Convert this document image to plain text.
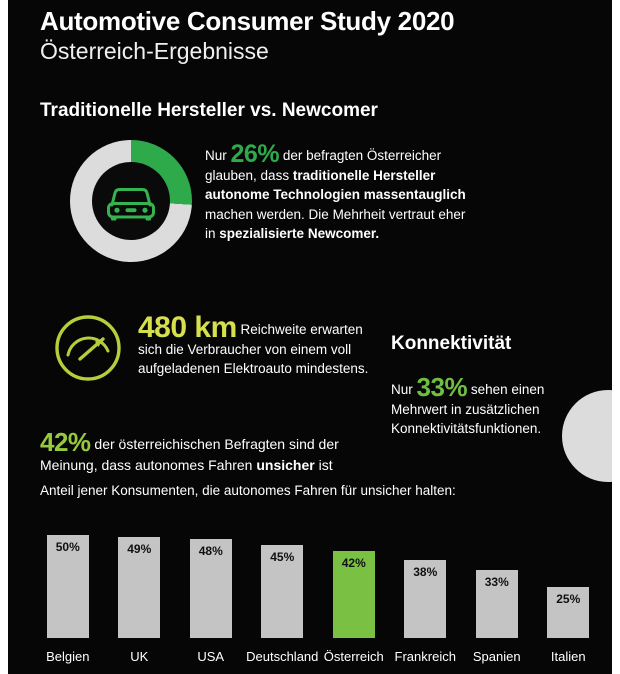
Automotive Consumer Study 2020
Österreich-Ergebnisse
Traditionelle Hersteller vs. Newcomer
Nur 26% der befragten Österreicher glauben, dass traditionelle Hersteller autonome Technologien massentauglich machen werden. Die Mehrheit vertraut eher in spezialisierte Newcomer.
480 km Reichweite erwarten sich die Verbraucher von einem voll aufgeladenen Elektroauto mindestens.
Konnektivität
Nur 33% sehen einen Mehrwert in zusätzlichen Konnektivitätsfunktionen.
42% der österreichischen Befragten sind der Meinung, dass autonomes Fahren unsicher ist
Anteil jener Konsumenten, die autonomes Fahren für unsicher halten:
50%
Belgien
49%
UK
48%
USA
45%
Deutschland
42%
Österreich
38%
Frankreich
33%
Spanien
25%
Italien
